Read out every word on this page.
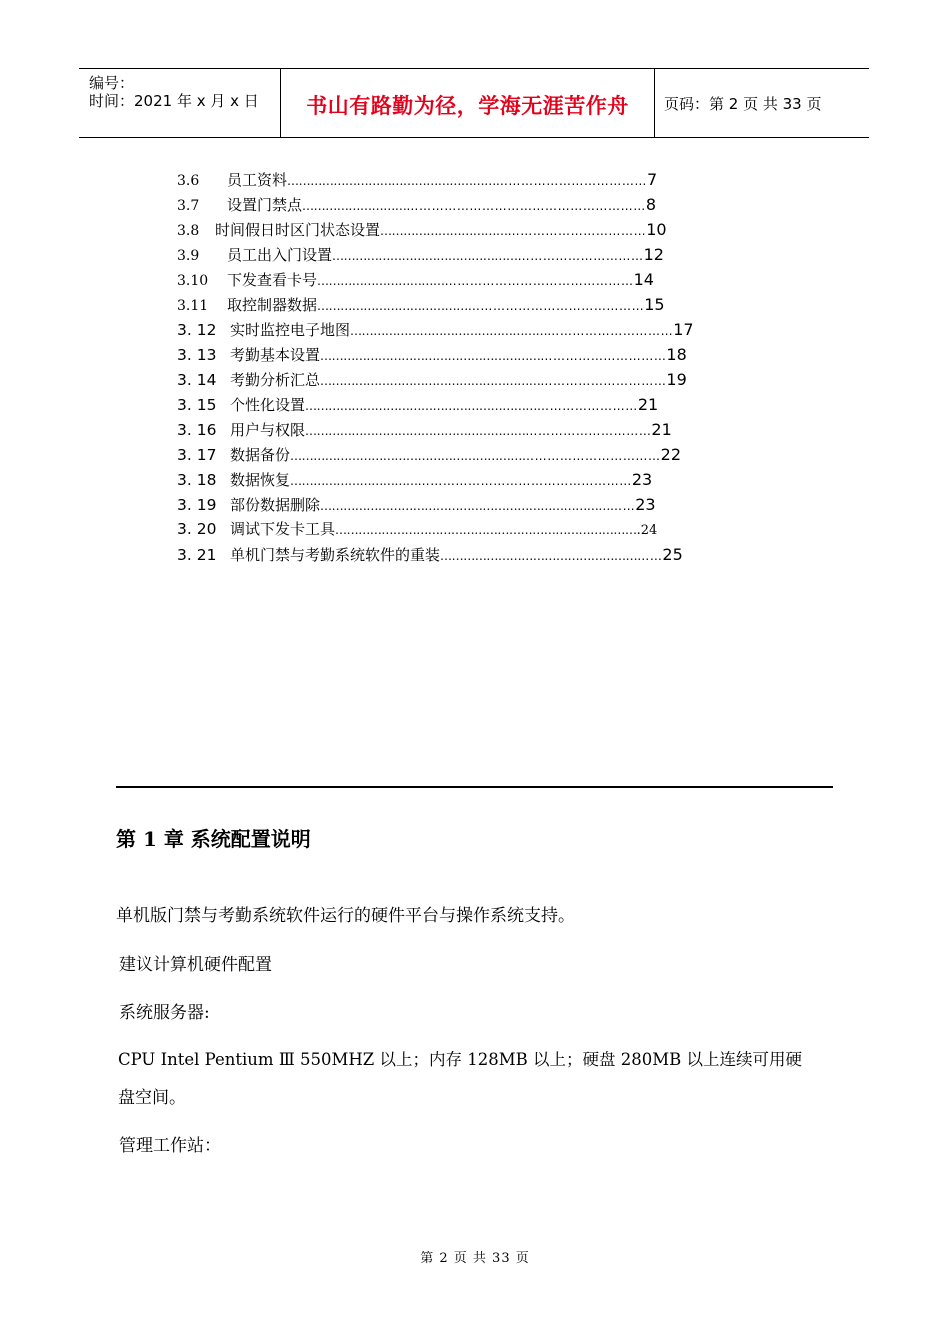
编号：
时间：2021 年 x 月 x 日	书山有路勤为径，学海无涯苦作舟	页码：第 2 页 共 33 页
3.6 员工资料………………………………………………………………………………7
3.7 设置门禁点…………………………………………………………………………8
3.8 时间假日时区门状态设置…………………………………………………………10
3.9 员工出入门设置……………………………………………………………………12
3.10 下发查看卡号……………………………………………………………………14
3.11 取控制器数据………………………………………………………………………15
3. 12 实时监控电子地图………………………………………………………………………17
3. 13 考勤基本设置……………………………………………………………………………18
3. 14 考勤分析汇总……………………………………………………………………………19
3. 15 个性化设置…………………………………………………………………………21
3. 16 用户与权限……………………………………………………………………………21
3. 17 数据备份…………………………………………………………………………………22
3. 18 数据恢复…………………………………………………………………………23
3. 19 部份数据删除………………………………………………………………………23
3. 20 调试下发卡工具…………………………………………………………………….24
3. 21 单机门禁与考勤系统软件的重装…………………………………………………25
第 1 章 系统配置说明
单机版门禁与考勤系统软件运行的硬件平台与操作系统支持。
建议计算机硬件配置
系统服务器:
CPU Intel Pentium Ⅲ 550MHZ 以上；内存 128MB 以上；硬盘 280MB 以上连续可用硬
盘空间。
管理工作站：
第 2 页 共 33 页
